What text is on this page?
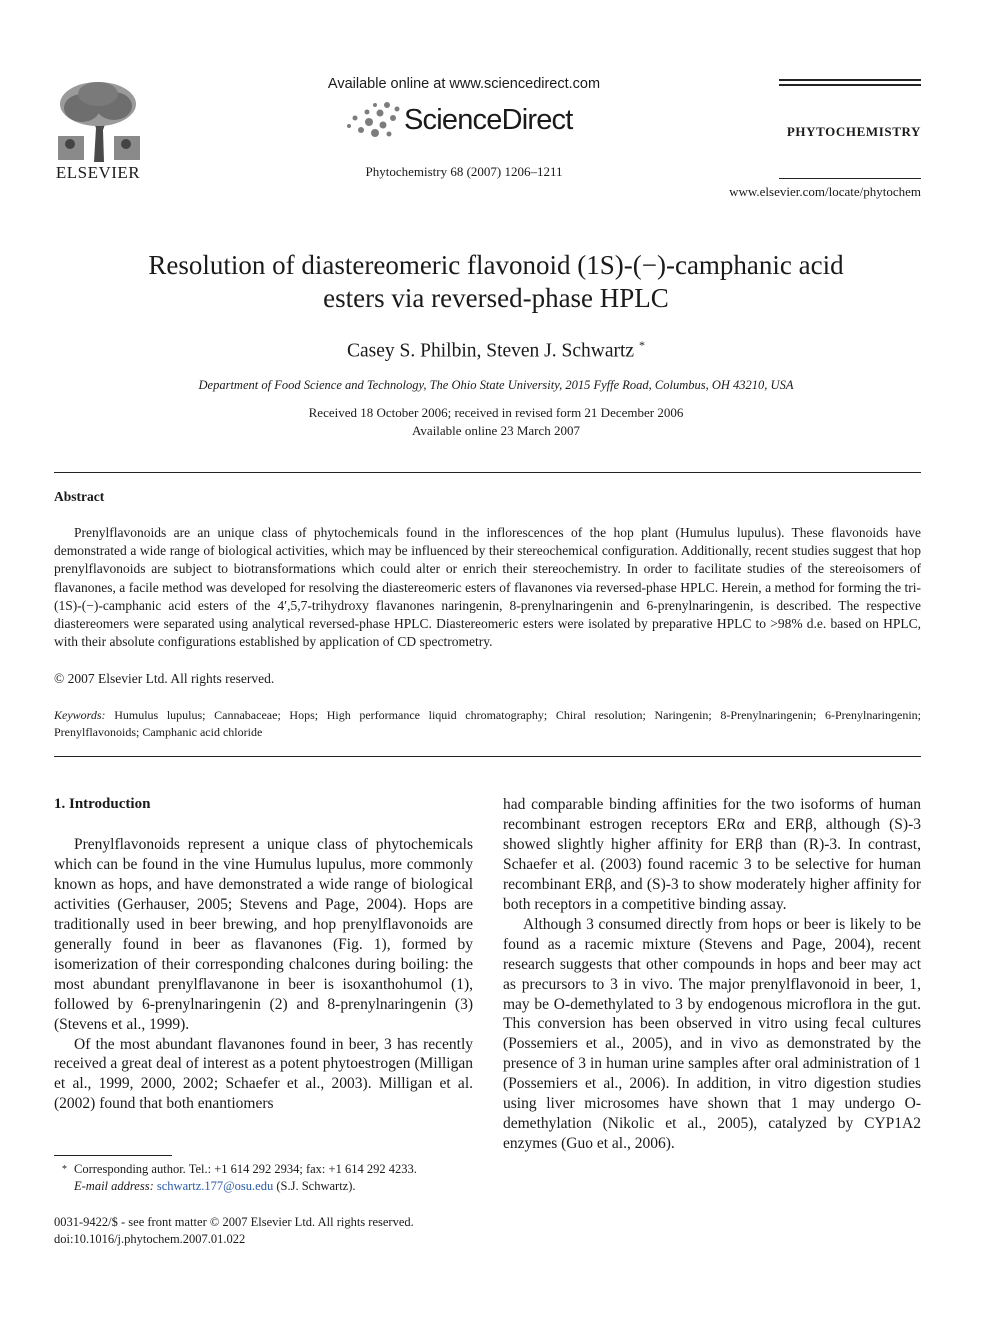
ELSEVIER
Available online at www.sciencedirect.com
ScienceDirect
Phytochemistry 68 (2007) 1206–1211
PHYTOCHEMISTRY
www.elsevier.com/locate/phytochem
Resolution of diastereomeric flavonoid (1S)-(−)-camphanic acid
esters via reversed-phase HPLC
Casey S. Philbin, Steven J. Schwartz *
Department of Food Science and Technology, The Ohio State University, 2015 Fyffe Road, Columbus, OH 43210, USA
Received 18 October 2006; received in revised form 21 December 2006
Available online 23 March 2007
Abstract
Prenylflavonoids are an unique class of phytochemicals found in the inflorescences of the hop plant (Humulus lupulus). These flavonoids have demonstrated a wide range of biological activities, which may be influenced by their stereochemical configuration. Additionally, recent studies suggest that hop prenylflavonoids are subject to biotransformations which could alter or enrich their stereochemistry. In order to facilitate studies of the stereoisomers of flavanones, a facile method was developed for resolving the diastereomeric esters of flavanones via reversed-phase HPLC. Herein, a method for forming the tri-(1S)-(−)-camphanic acid esters of the 4′,5,7-trihydroxy flavanones naringenin, 8-prenylnaringenin and 6-prenylnaringenin, is described. The respective diastereomers were separated using analytical reversed-phase HPLC. Diastereomeric esters were isolated by preparative HPLC to >98% d.e. based on HPLC, with their absolute configurations established by application of CD spectrometry.
© 2007 Elsevier Ltd. All rights reserved.
Keywords: Humulus lupulus; Cannabaceae; Hops; High performance liquid chromatography; Chiral resolution; Naringenin; 8-Prenylnaringenin; 6-Prenylnaringenin; Prenylflavonoids; Camphanic acid chloride
1. Introduction

Prenylflavonoids represent a unique class of phytochemicals which can be found in the vine Humulus lupulus, more commonly known as hops, and have demonstrated a wide range of biological activities (Gerhauser, 2005; Stevens and Page, 2004). Hops are traditionally used in beer brewing, and hop prenylflavonoids are generally found in beer as flavanones (Fig. 1), formed by isomerization of their corresponding chalcones during boiling: the most abundant prenylflavanone in beer is isoxanthohumol (1), followed by 6-prenylnaringenin (2) and 8-prenylnaringenin (3) (Stevens et al., 1999).

Of the most abundant flavanones found in beer, 3 has recently received a great deal of interest as a potent phytoestrogen (Milligan et al., 1999, 2000, 2002; Schaefer et al., 2003). Milligan et al. (2002) found that both enantiomers

had comparable binding affinities for the two isoforms of human recombinant estrogen receptors ERα and ERβ, although (S)-3 showed slightly higher affinity for ERβ than (R)-3. In contrast, Schaefer et al. (2003) found racemic 3 to be selective for human recombinant ERβ, and (S)-3 to show moderately higher affinity for both receptors in a competitive binding assay.

Although 3 consumed directly from hops or beer is likely to be found as a racemic mixture (Stevens and Page, 2004), recent research suggests that other compounds in hops and beer may act as precursors to 3 in vivo. The major prenylflavonoid in beer, 1, may be O-demethylated to 3 by endogenous microflora in the gut. This conversion has been observed in vitro using fecal cultures (Possemiers et al., 2005), and in vivo as demonstrated by the presence of 3 in human urine samples after oral administration of 1 (Possemiers et al., 2006). In addition, in vitro digestion studies using liver microsomes have shown that 1 may undergo O-demethylation (Nikolic et al., 2005), catalyzed by CYP1A2 enzymes (Guo et al., 2006).

* Corresponding author. Tel.: +1 614 292 2934; fax: +1 614 292 4233.
E-mail address: schwartz.177@osu.edu (S.J. Schwartz).
0031-9422/$ - see front matter © 2007 Elsevier Ltd. All rights reserved.
doi:10.1016/j.phytochem.2007.01.022
